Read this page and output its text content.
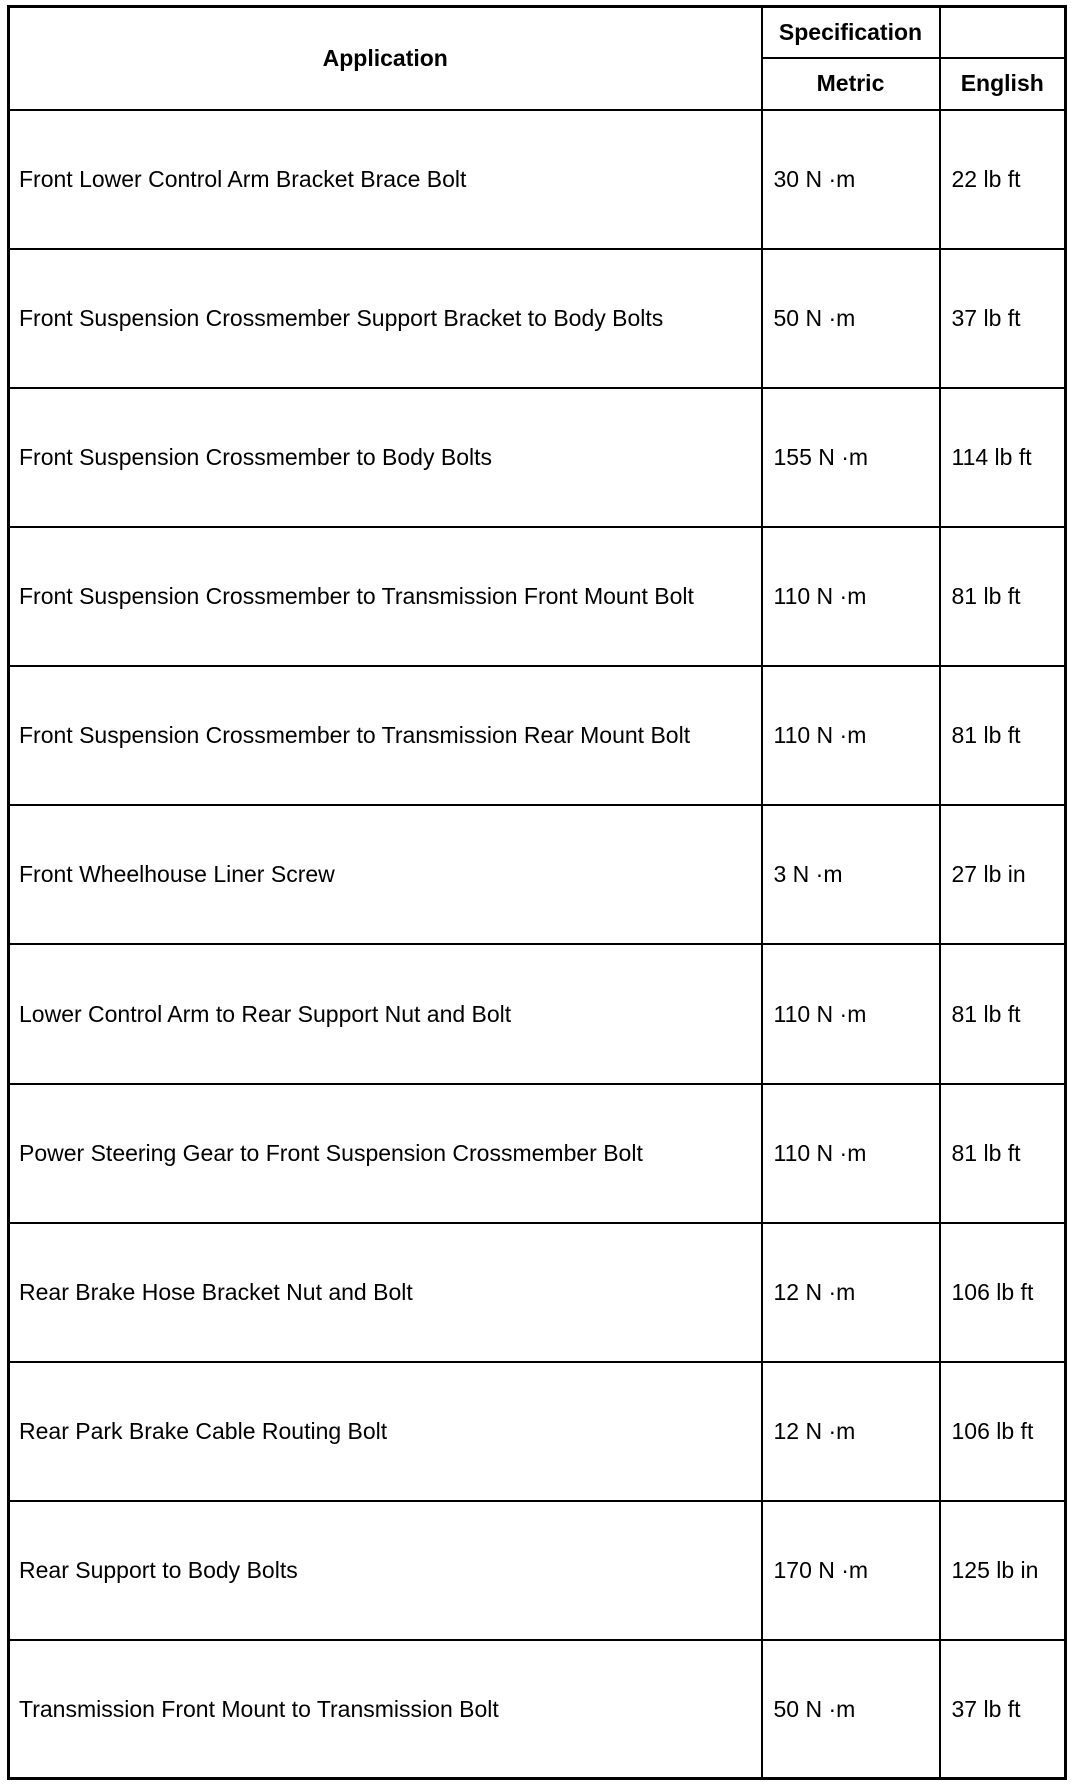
Application	Specification	
	Metric	English
Front Lower Control Arm Bracket Brace Bolt	30 N ·m	22 lb ft
Front Suspension Crossmember Support Bracket to Body Bolts	50 N ·m	37 lb ft
Front Suspension Crossmember to Body Bolts	155 N ·m	114 lb ft
Front Suspension Crossmember to Transmission Front Mount Bolt	110 N ·m	81 lb ft
Front Suspension Crossmember to Transmission Rear Mount Bolt	110 N ·m	81 lb ft
Front Wheelhouse Liner Screw	3 N ·m	27 lb in
Lower Control Arm to Rear Support Nut and Bolt	110 N ·m	81 lb ft
Power Steering Gear to Front Suspension Crossmember Bolt	110 N ·m	81 lb ft
Rear Brake Hose Bracket Nut and Bolt	12 N ·m	106 lb ft
Rear Park Brake Cable Routing Bolt	12 N ·m	106 lb ft
Rear Support to Body Bolts	170 N ·m	125 lb in
Transmission Front Mount to Transmission Bolt	50 N ·m	37 lb ft
